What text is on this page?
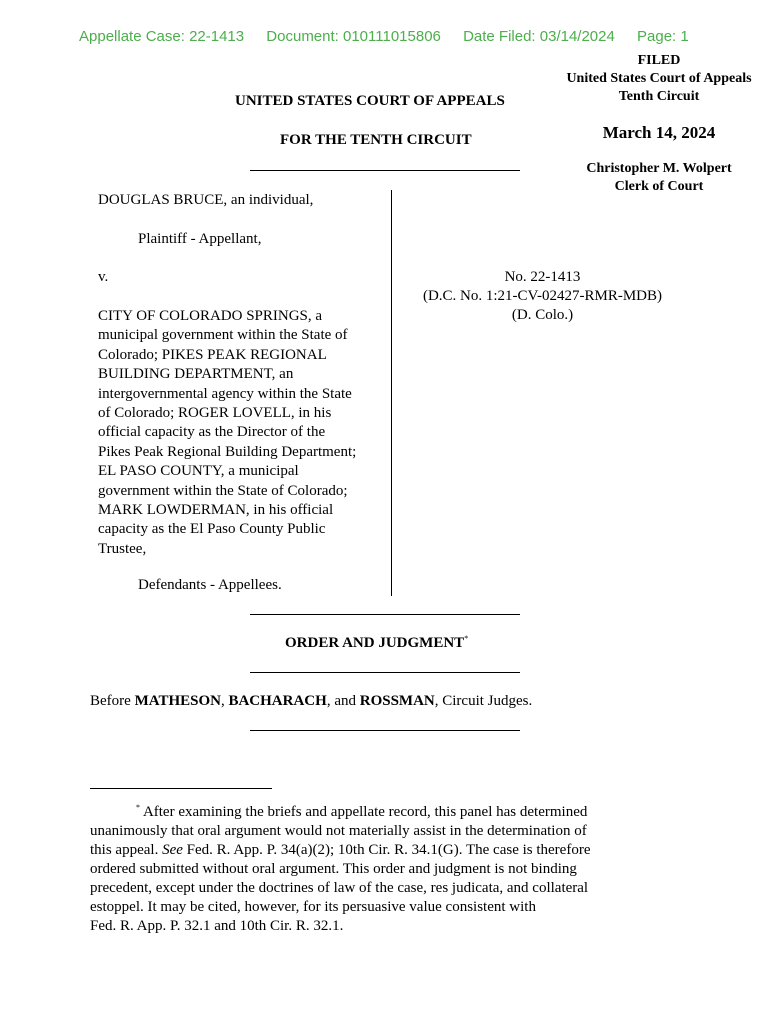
Appellate Case: 22-1413 Document: 010111015806 Date Filed: 03/14/2024 Page: 1
FILED
United States Court of Appeals
Tenth Circuit
March 14, 2024
Christopher M. Wolpert
Clerk of Court
UNITED STATES COURT OF APPEALS
FOR THE TENTH CIRCUIT
DOUGLAS BRUCE, an individual,
Plaintiff - Appellant,
v.
CITY OF COLORADO SPRINGS, a
municipal government within the State of
Colorado; PIKES PEAK REGIONAL
BUILDING DEPARTMENT, an
intergovernmental agency within the State
of Colorado; ROGER LOVELL, in his
official capacity as the Director of the
Pikes Peak Regional Building Department;
EL PASO COUNTY, a municipal
government within the State of Colorado;
MARK LOWDERMAN, in his official
capacity as the El Paso County Public
Trustee,
Defendants - Appellees.
No. 22-1413
(D.C. No. 1:21-CV-02427-RMR-MDB)
(D. Colo.)
ORDER AND JUDGMENT*
Before MATHESON, BACHARACH, and ROSSMAN, Circuit Judges.
* After examining the briefs and appellate record, this panel has determined
unanimously that oral argument would not materially assist in the determination of
this appeal. See Fed. R. App. P. 34(a)(2); 10th Cir. R. 34.1(G). The case is therefore
ordered submitted without oral argument. This order and judgment is not binding
precedent, except under the doctrines of law of the case, res judicata, and collateral
estoppel. It may be cited, however, for its persuasive value consistent with
Fed. R. App. P. 32.1 and 10th Cir. R. 32.1.
